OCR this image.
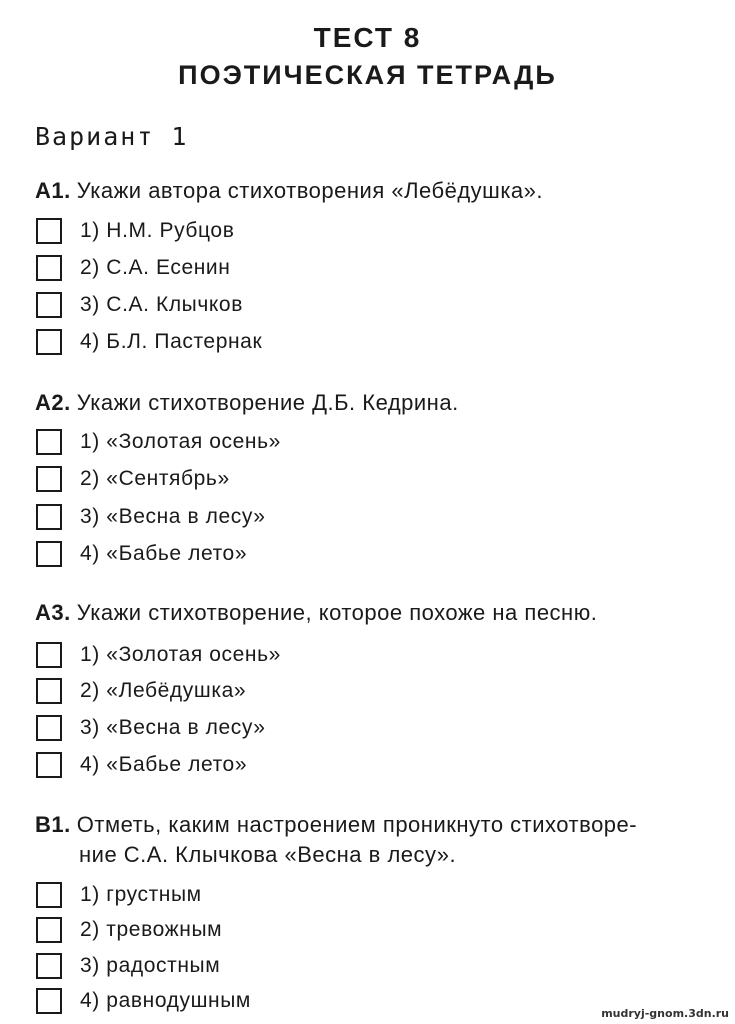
ТЕСТ 8
ПОЭТИЧЕСКАЯ ТЕТРАДЬ
Вариант 1
А1. Укажи автора стихотворения «Лебёдушка».
1) Н.М. Рубцов
2) С.А. Есенин
3) С.А. Клычков
4) Б.Л. Пастернак
А2. Укажи стихотворение Д.Б. Кедрина.
1) «Золотая осень»
2) «Сентябрь»
3) «Весна в лесу»
4) «Бабье лето»
А3. Укажи стихотворение, которое похоже на песню.
1) «Золотая осень»
2) «Лебёдушка»
3) «Весна в лесу»
4) «Бабье лето»
В1. Отметь, каким настроением проникнуто стихотворе-
ние С.А. Клычкова «Весна в лесу».
1) грустным
2) тревожным
3) радостным
4) равнодушным
mudryj-gnom.3dn.ru
